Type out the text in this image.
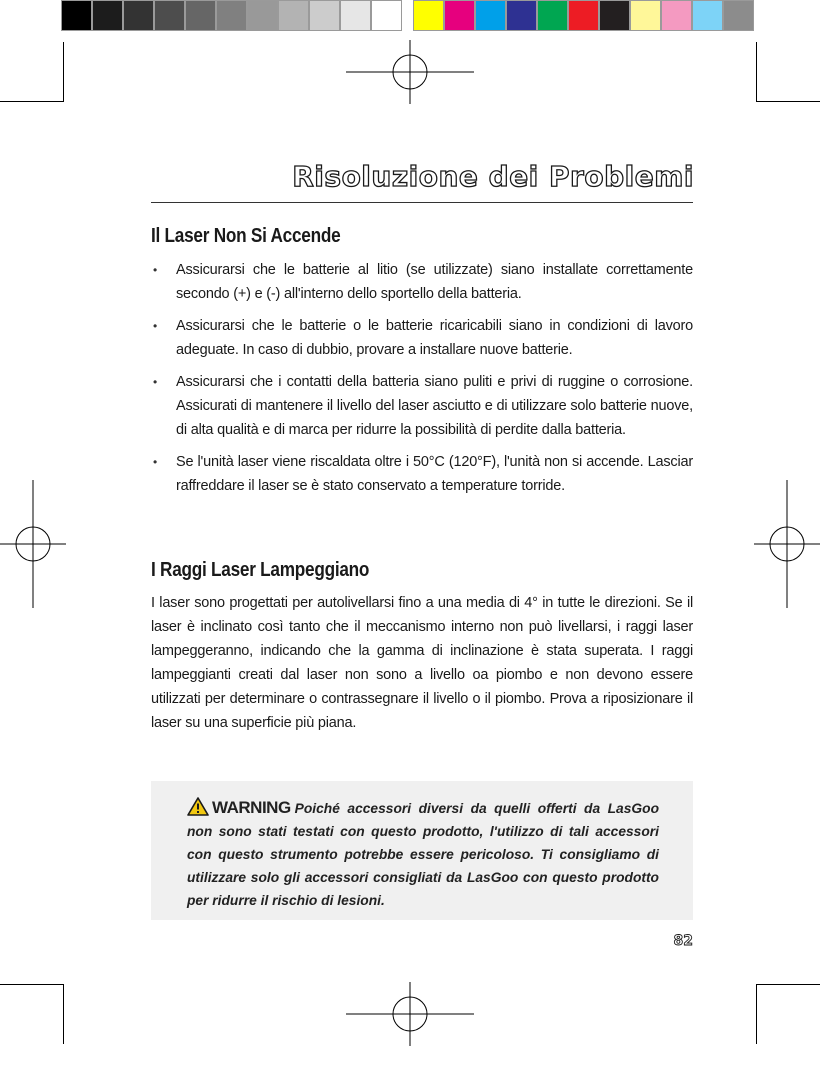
Risoluzione dei Problemi
Il Laser Non Si Accende
• Assicurarsi che le batterie al litio (se utilizzate) siano installate correttamente secondo (+) e (-) all'interno dello sportello della batteria.
• Assicurarsi che le batterie o le batterie ricaricabili siano in condizioni di lavoro adeguate. In caso di dubbio, provare a installare nuove batterie.
• Assicurarsi che i contatti della batteria siano puliti e privi di ruggine o corrosione. Assicurati di mantenere il livello del laser asciutto e di utilizzare solo batterie nuove, di alta qualità e di marca per ridurre la possibilità di perdite dalla batteria.
• Se l'unità laser viene riscaldata oltre i 50°C (120°F), l'unità non si accende. Lasciar raffreddare il laser se è stato conservato a temperature torride.
I Raggi Laser Lampeggiano

I laser sono progettati per autolivellarsi fino a una media di 4° in tutte le direzioni. Se il laser è inclinato così tanto che il meccanismo interno non può livellarsi, i raggi laser lampeggeranno, indicando che la gamma di inclinazione è stata superata. I raggi lampeggianti creati dal laser non sono a livello oa piombo e non devono essere utilizzati per determinare o contrassegnare il livello o il piombo. Prova a riposizionare il laser su una superficie più piana.

WARNING Poiché accessori diversi da quelli offerti da LasGoo non sono stati testati con questo prodotto, l'utilizzo di tali accessori con questo strumento potrebbe essere pericoloso. Ti consigliamo di utilizzare solo gli accessori consigliati da LasGoo con questo prodotto per ridurre il rischio di lesioni.

82
